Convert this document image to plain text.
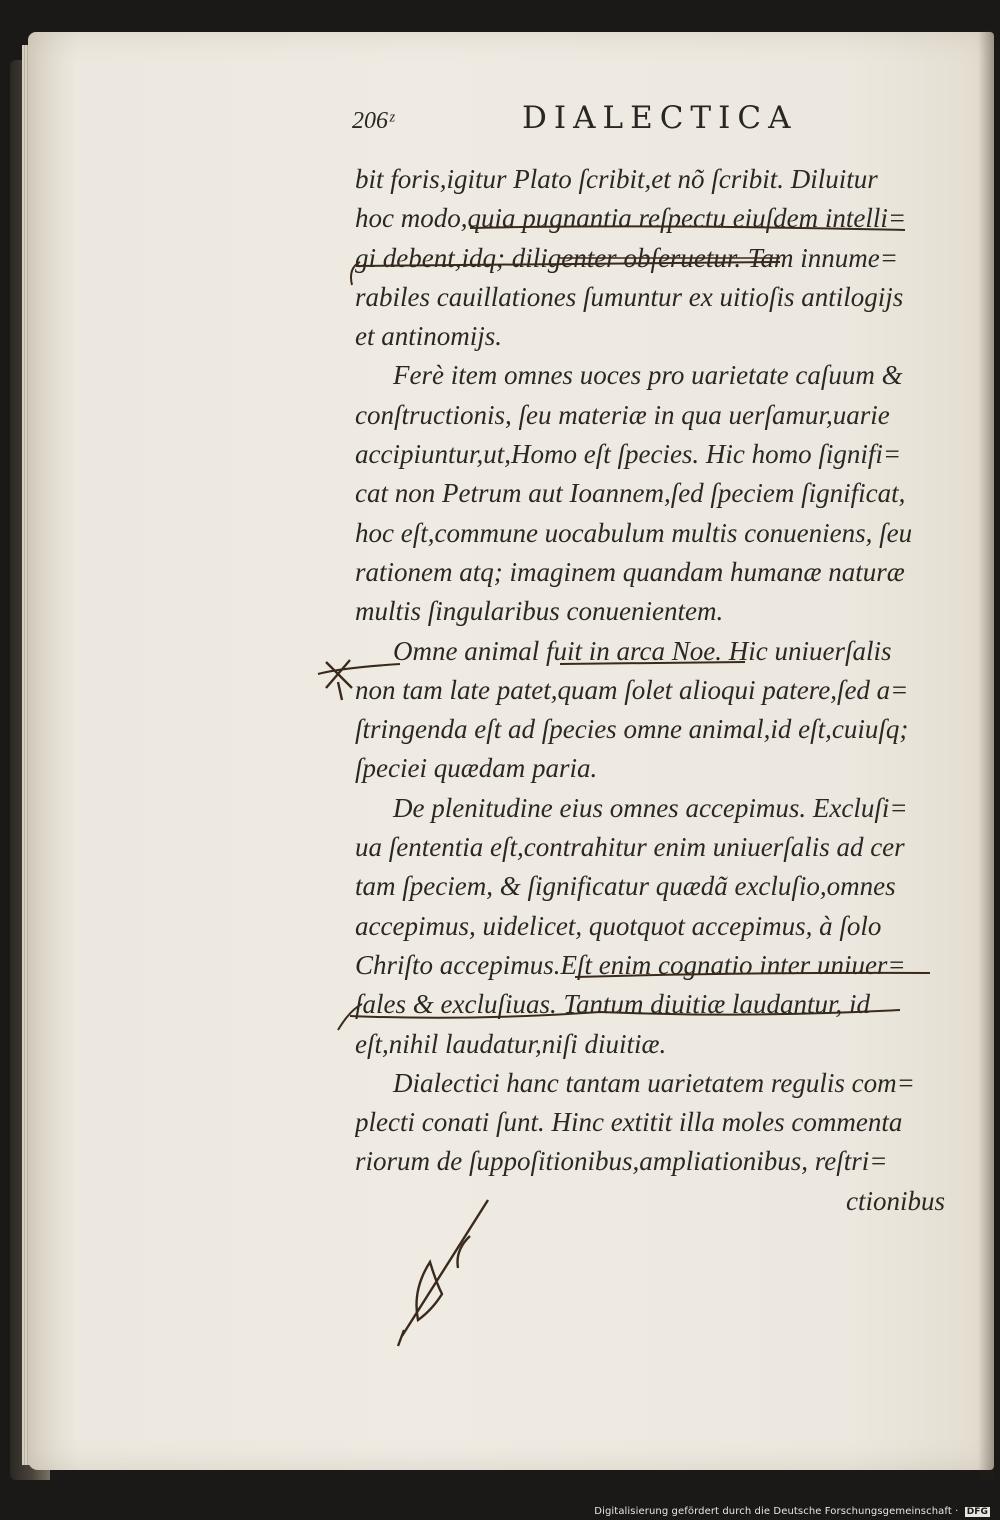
206ᶻ	DIALECTICA
bit foris,igitur Plato ſcribit,et nõ ſcribit. Diluitur
hoc modo,quia pugnantia reſpectu eiuſdem intelli=
gi debent,idq; diligenter obſeruetur. Tam innume=
rabiles cauillationes ſumuntur ex uitioſis antilogijs
et antinomijs.
Ferè item omnes uoces pro uarietate caſuum &
conſtructionis, ſeu materiæ in qua uerſamur,uarie
accipiuntur,ut,Homo eſt ſpecies. Hic homo ſignifi=
cat non Petrum aut Ioannem,ſed ſpeciem ſignificat,
hoc eſt,commune uocabulum multis conueniens, ſeu
rationem atq; imaginem quandam humanæ naturæ
multis ſingularibus conuenientem.
Omne animal fuit in arca Noe. Hic uniuerſalis
non tam late patet,quam ſolet alioqui patere,ſed a=
ſtringenda eſt ad ſpecies omne animal,id eſt,cuiuſq;
ſpeciei quædam paria.
De plenitudine eius omnes accepimus. Excluſi=
ua ſententia eſt,contrahitur enim uniuerſalis ad cer
tam ſpeciem, & ſignificatur quædã excluſio,omnes
accepimus, uidelicet, quotquot accepimus, à ſolo
Chriſto accepimus.Eſt enim cognatio inter uniuer=
ſales & excluſiuas. Tantum diuitiæ laudantur, id
eſt,nihil laudatur,niſi diuitiæ.
Dialectici hanc tantam uarietatem regulis com=
plecti conati ſunt. Hinc extitit illa moles commenta
riorum de ſuppoſitionibus,ampliationibus, reſtri=
ctionibus
Digitalisierung gefördert durch die Deutsche Forschungsgemeinschaft · DFG
